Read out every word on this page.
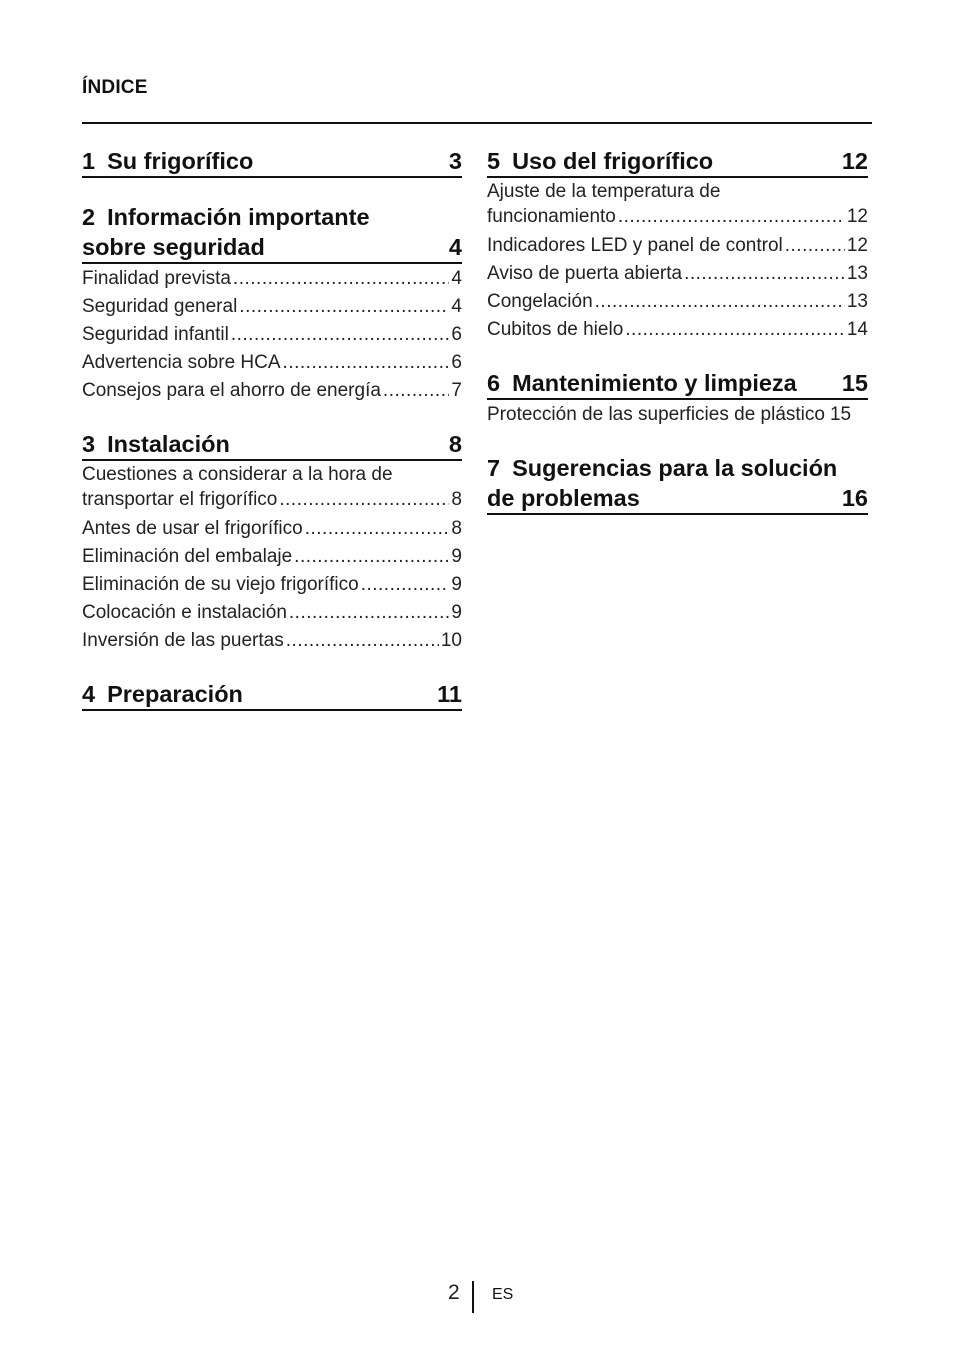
ÍNDICE
1 Su frigorífico	3
2 Información importante
sobre seguridad	4
Finalidad prevista .....	4
Seguridad general .....	4
Seguridad infantil .....	6
Advertencia sobre HCA .....	6
Consejos para el ahorro de energía .....	7
3 Instalación	8
Cuestiones a considerar a la hora de
transportar el frigorífico .....	8
Antes de usar el frigorífico .....	8
Eliminación del embalaje .....	9
Eliminación de su viejo frigorífico .....	9
Colocación e instalación .....	9
Inversión de las puertas .....	10
4 Preparación	11
5 Uso del frigorífico	12
Ajuste de la temperatura de
funcionamiento .....	12
Indicadores LED y panel de control .....	12
Aviso de puerta abierta .....	13
Congelación .....	13
Cubitos de hielo .....	14
6 Mantenimiento y limpieza 15
Protección de las superficies de plástico 15
7 Sugerencias para la solución
de problemas	16
2 ES
